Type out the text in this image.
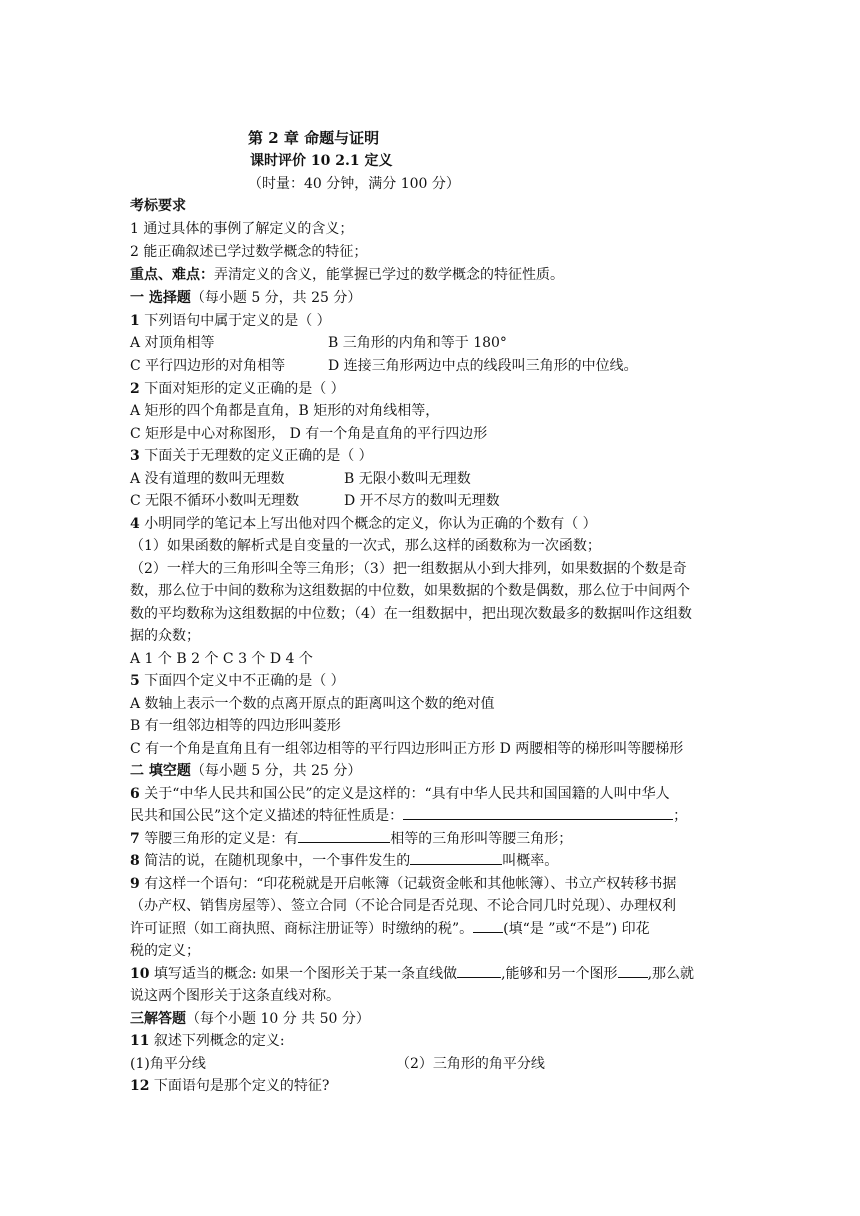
第 2 章 命题与证明
课时评价 10 2.1 定义
（时量：40 分钟，满分 100 分）
考标要求
1 通过具体的事例了解定义的含义；
2 能正确叙述已学过数学概念的特征；
重点、难点：弄清定义的含义，能掌握已学过的数学概念的特征性质。
一 选择题（每小题 5 分，共 25 分）
1 下列语句中属于定义的是（ ）
A 对顶角相等	B 三角形的内角和等于 180°
C 平行四边形的对角相等	D 连接三角形两边中点的线段叫三角形的中位线。
2 下面对矩形的定义正确的是（ ）
A 矩形的四个角都是直角，B 矩形的对角线相等，
C 矩形是中心对称图形， D 有一个角是直角的平行四边形
3 下面关于无理数的定义正确的是（ ）
A 没有道理的数叫无理数	B 无限小数叫无理数
C 无限不循环小数叫无理数	D 开不尽方的数叫无理数
4 小明同学的笔记本上写出他对四个概念的定义，你认为正确的个数有（ ）
（1）如果函数的解析式是自变量的一次式，那么这样的函数称为一次函数；
（2）一样大的三角形叫全等三角形；（3）把一组数据从小到大排列，如果数据的个数是奇
数，那么位于中间的数称为这组数据的中位数，如果数据的个数是偶数，那么位于中间两个
数的平均数称为这组数据的中位数；（4）在一组数据中，把出现次数最多的数据叫作这组数
据的众数；
A 1 个 B 2 个 C 3 个 D 4 个
5 下面四个定义中不正确的是（ ）
A 数轴上表示一个数的点离开原点的距离叫这个数的绝对值
B 有一组邻边相等的四边形叫菱形
C 有一个角是直角且有一组邻边相等的平行四边形叫正方形 D 两腰相等的梯形叫等腰梯形
二 填空题（每小题 5 分，共 25 分）
6 关于“中华人民共和国公民”的定义是这样的：“具有中华人民共和国国籍的人叫中华人
民共和国公民”这个定义描述的特征性质是：	；
7 等腰三角形的定义是：有	相等的三角形叫等腰三角形；
8 简洁的说，在随机现象中，一个事件发生的	叫概率。
9 有这样一个语句：“印花税就是开启帐簿（记载资金帐和其他帐簿）、书立产权转移书据
（办产权、销售房屋等）、签立合同（不论合同是否兑现、不论合同几时兑现）、办理权利
许可证照（如工商执照、商标注册证等）时缴纳的税”。 (填“是 ”或“不是”) 印花
税的定义；
10 填写适当的概念: 如果一个图形关于某一条直线做	,能够和另一个图形 ,那么就
说这两个图形关于这条直线对称。
三解答题（每个小题 10 分 共 50 分）
11 叙述下列概念的定义:
(1)角平分线	（2）三角形的角平分线
12 下面语句是那个定义的特征?
